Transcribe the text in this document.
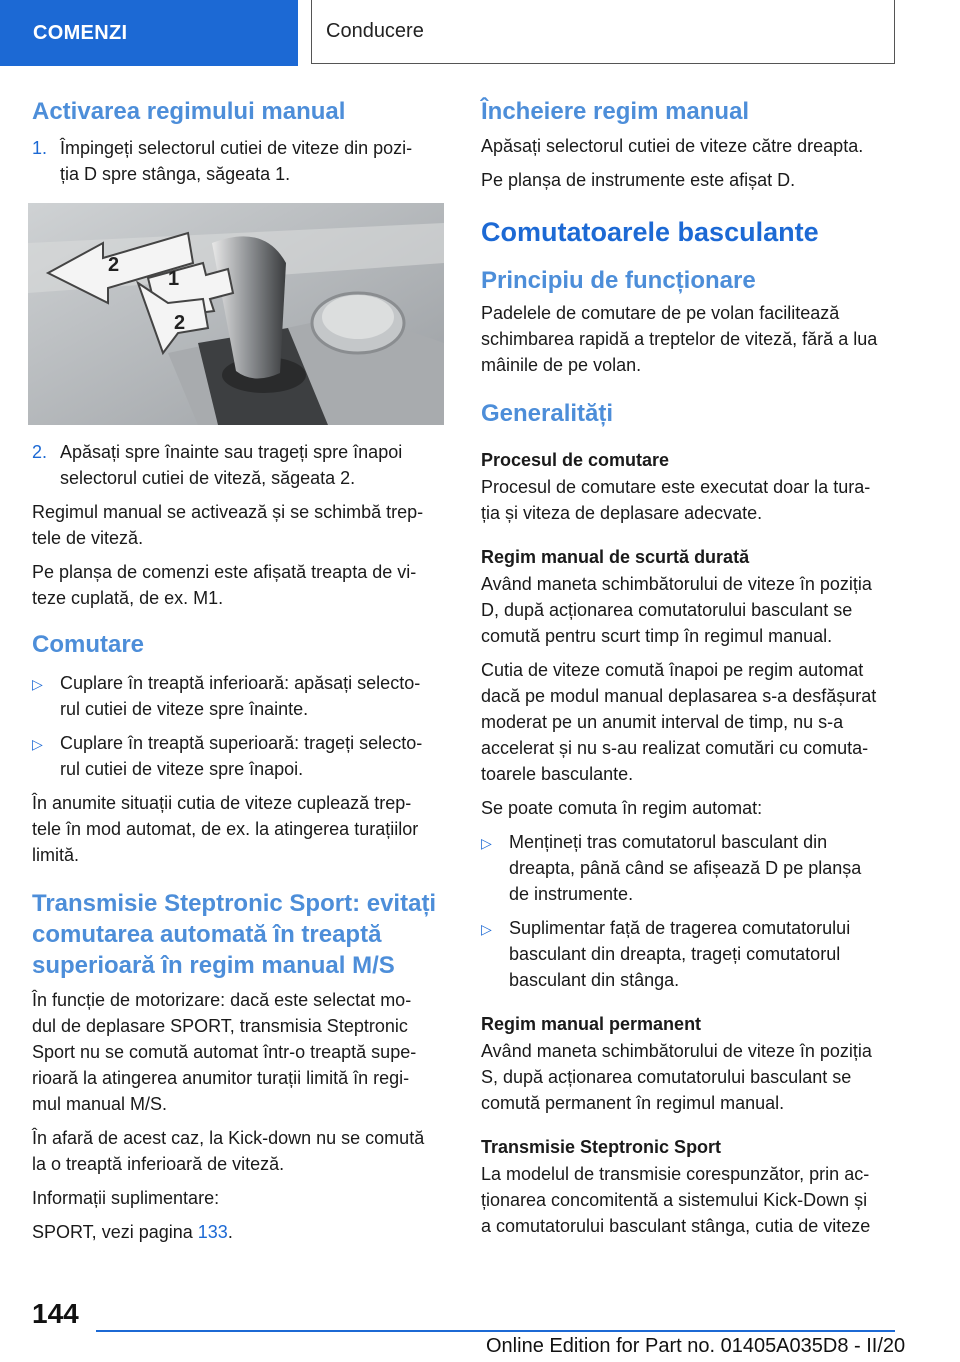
COMENZI	Conducere
Activarea regimului manual
1. Împingeți selectorul cutiei de viteze din pozi‐
ția D spre stânga, săgeata 1.
2
1
2
2. Apăsați spre înainte sau trageți spre înapoi
selectorul cutiei de viteză, săgeata 2.

Regimul manual se activează și se schimbă trep‐
tele de viteză.

Pe planșa de comenzi este afișată treapta de vi‐
teze cuplată, de ex. M1.

Comutare
▷ Cuplare în treaptă inferioară: apăsați selecto‐
rul cutiei de viteze spre înainte.
▷ Cuplare în treaptă superioară: trageți selecto‐
rul cutiei de viteze spre înapoi.

În anumite situații cutia de viteze cuplează trep‐
tele în mod automat, de ex. la atingerea turațiilor
limită.

Transmisie Steptronic Sport: evitați
comutarea automată în treaptă
superioară în regim manual M/S

În funcție de motorizare: dacă este selectat mo‐
dul de deplasare SPORT, transmisia Steptronic
Sport nu se comută automat într-o treaptă supe‐
rioară la atingerea anumitor turații limită în regi‐
mul manual M/S.

În afară de acest caz, la Kick-down nu se comută
la o treaptă inferioară de viteză.

Informații suplimentare:

SPORT, vezi pagina 133.

Încheiere regim manual

Apăsați selectorul cutiei de viteze către dreapta.

Pe planșa de instrumente este afișat D.

Comutatoarele basculante
Principiu de funcționare

Padelele de comutare de pe volan facilitează
schimbarea rapidă a treptelor de viteză, fără a lua
mâinile de pe volan.

Generalități
Procesul de comutare

Procesul de comutare este executat doar la tura‐
ția și viteza de deplasare adecvate.

Regim manual de scurtă durată

Având maneta schimbătorului de viteze în poziția
D, după acționarea comutatorului basculant se
comută pentru scurt timp în regimul manual.

Cutia de viteze comută înapoi pe regim automat
dacă pe modul manual deplasarea s-a desfășurat
moderat pe un anumit interval de timp, nu s-a
accelerat și nu s-au realizat comutări cu comuta‐
toarele basculante.

Se poate comuta în regim automat:

▷ Mențineți tras comutatorul basculant din
dreapta, până când se afișează D pe planșa
de instrumente.
▷ Suplimentar față de tragerea comutatorului
basculant din dreapta, trageți comutatorul
basculant din stânga.
Regim manual permanent

Având maneta schimbătorului de viteze în poziția
S, după acționarea comutatorului basculant se
comută permanent în regimul manual.

Transmisie Steptronic Sport

La modelul de transmisie corespunzător, prin ac‐
ționarea concomitentă a sistemului Kick-Down și
a comutatorului basculant stânga, cutia de viteze

144
Online Edition for Part no. 01405A035D8 - II/20
